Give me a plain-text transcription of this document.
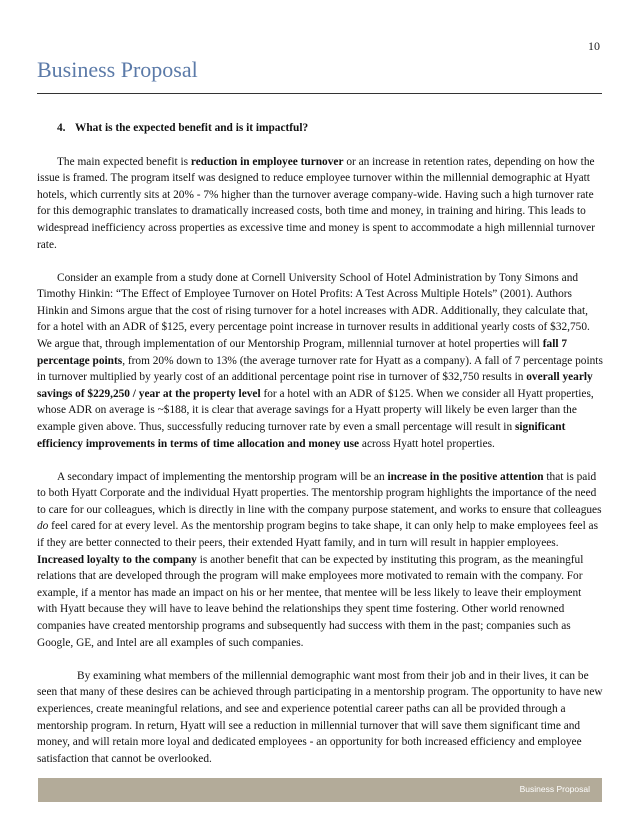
10
Business Proposal
4. What is the expected benefit and is it impactful?

The main expected benefit is reduction in employee turnover or an increase in retention rates, depending on how the issue is framed. The program itself was designed to reduce employee turnover within the millennial demographic at Hyatt hotels, which currently sits at 20% - 7% higher than the turnover average company-wide. Having such a high turnover rate for this demographic translates to dramatically increased costs, both time and money, in training and hiring. This leads to widespread inefficiency across properties as excessive time and money is spent to accommodate a high millennial turnover rate.

Consider an example from a study done at Cornell University School of Hotel Administration by Tony Simons and Timothy Hinkin: “The Effect of Employee Turnover on Hotel Profits: A Test Across Multiple Hotels” (2001). Authors Hinkin and Simons argue that the cost of rising turnover for a hotel increases with ADR. Additionally, they calculate that, for a hotel with an ADR of $125, every percentage point increase in turnover results in additional yearly costs of $32,750. We argue that, through implementation of our Mentorship Program, millennial turnover at hotel properties will fall 7 percentage points, from 20% down to 13% (the average turnover rate for Hyatt as a company). A fall of 7 percentage points in turnover multiplied by yearly cost of an additional percentage point rise in turnover of $32,750 results in overall yearly savings of $229,250 / year at the property level for a hotel with an ADR of $125. When we consider all Hyatt properties, whose ADR on average is ~$188, it is clear that average savings for a Hyatt property will likely be even larger than the example given above. Thus, successfully reducing turnover rate by even a small percentage will result in significant efficiency improvements in terms of time allocation and money use across Hyatt hotel properties.

A secondary impact of implementing the mentorship program will be an increase in the positive attention that is paid to both Hyatt Corporate and the individual Hyatt properties. The mentorship program highlights the importance of the need to care for our colleagues, which is directly in line with the company purpose statement, and works to ensure that colleagues do feel cared for at every level. As the mentorship program begins to take shape, it can only help to make employees feel as if they are better connected to their peers, their extended Hyatt family, and in turn will result in happier employees. Increased loyalty to the company is another benefit that can be expected by instituting this program, as the meaningful relations that are developed through the program will make employees more motivated to remain with the company. For example, if a mentor has made an impact on his or her mentee, that mentee will be less likely to leave their employment with Hyatt because they will have to leave behind the relationships they spent time fostering. Other world renowned companies have created mentorship programs and subsequently had success with them in the past; companies such as Google, GE, and Intel are all examples of such companies.

By examining what members of the millennial demographic want most from their job and in their lives, it can be seen that many of these desires can be achieved through participating in a mentorship program. The opportunity to have new experiences, create meaningful relations, and see and experience potential career paths can all be provided through a mentorship program. In return, Hyatt will see a reduction in millennial turnover that will save them significant time and money, and will retain more loyal and dedicated employees - an opportunity for both increased efficiency and employee satisfaction that cannot be overlooked.

Business Proposal
